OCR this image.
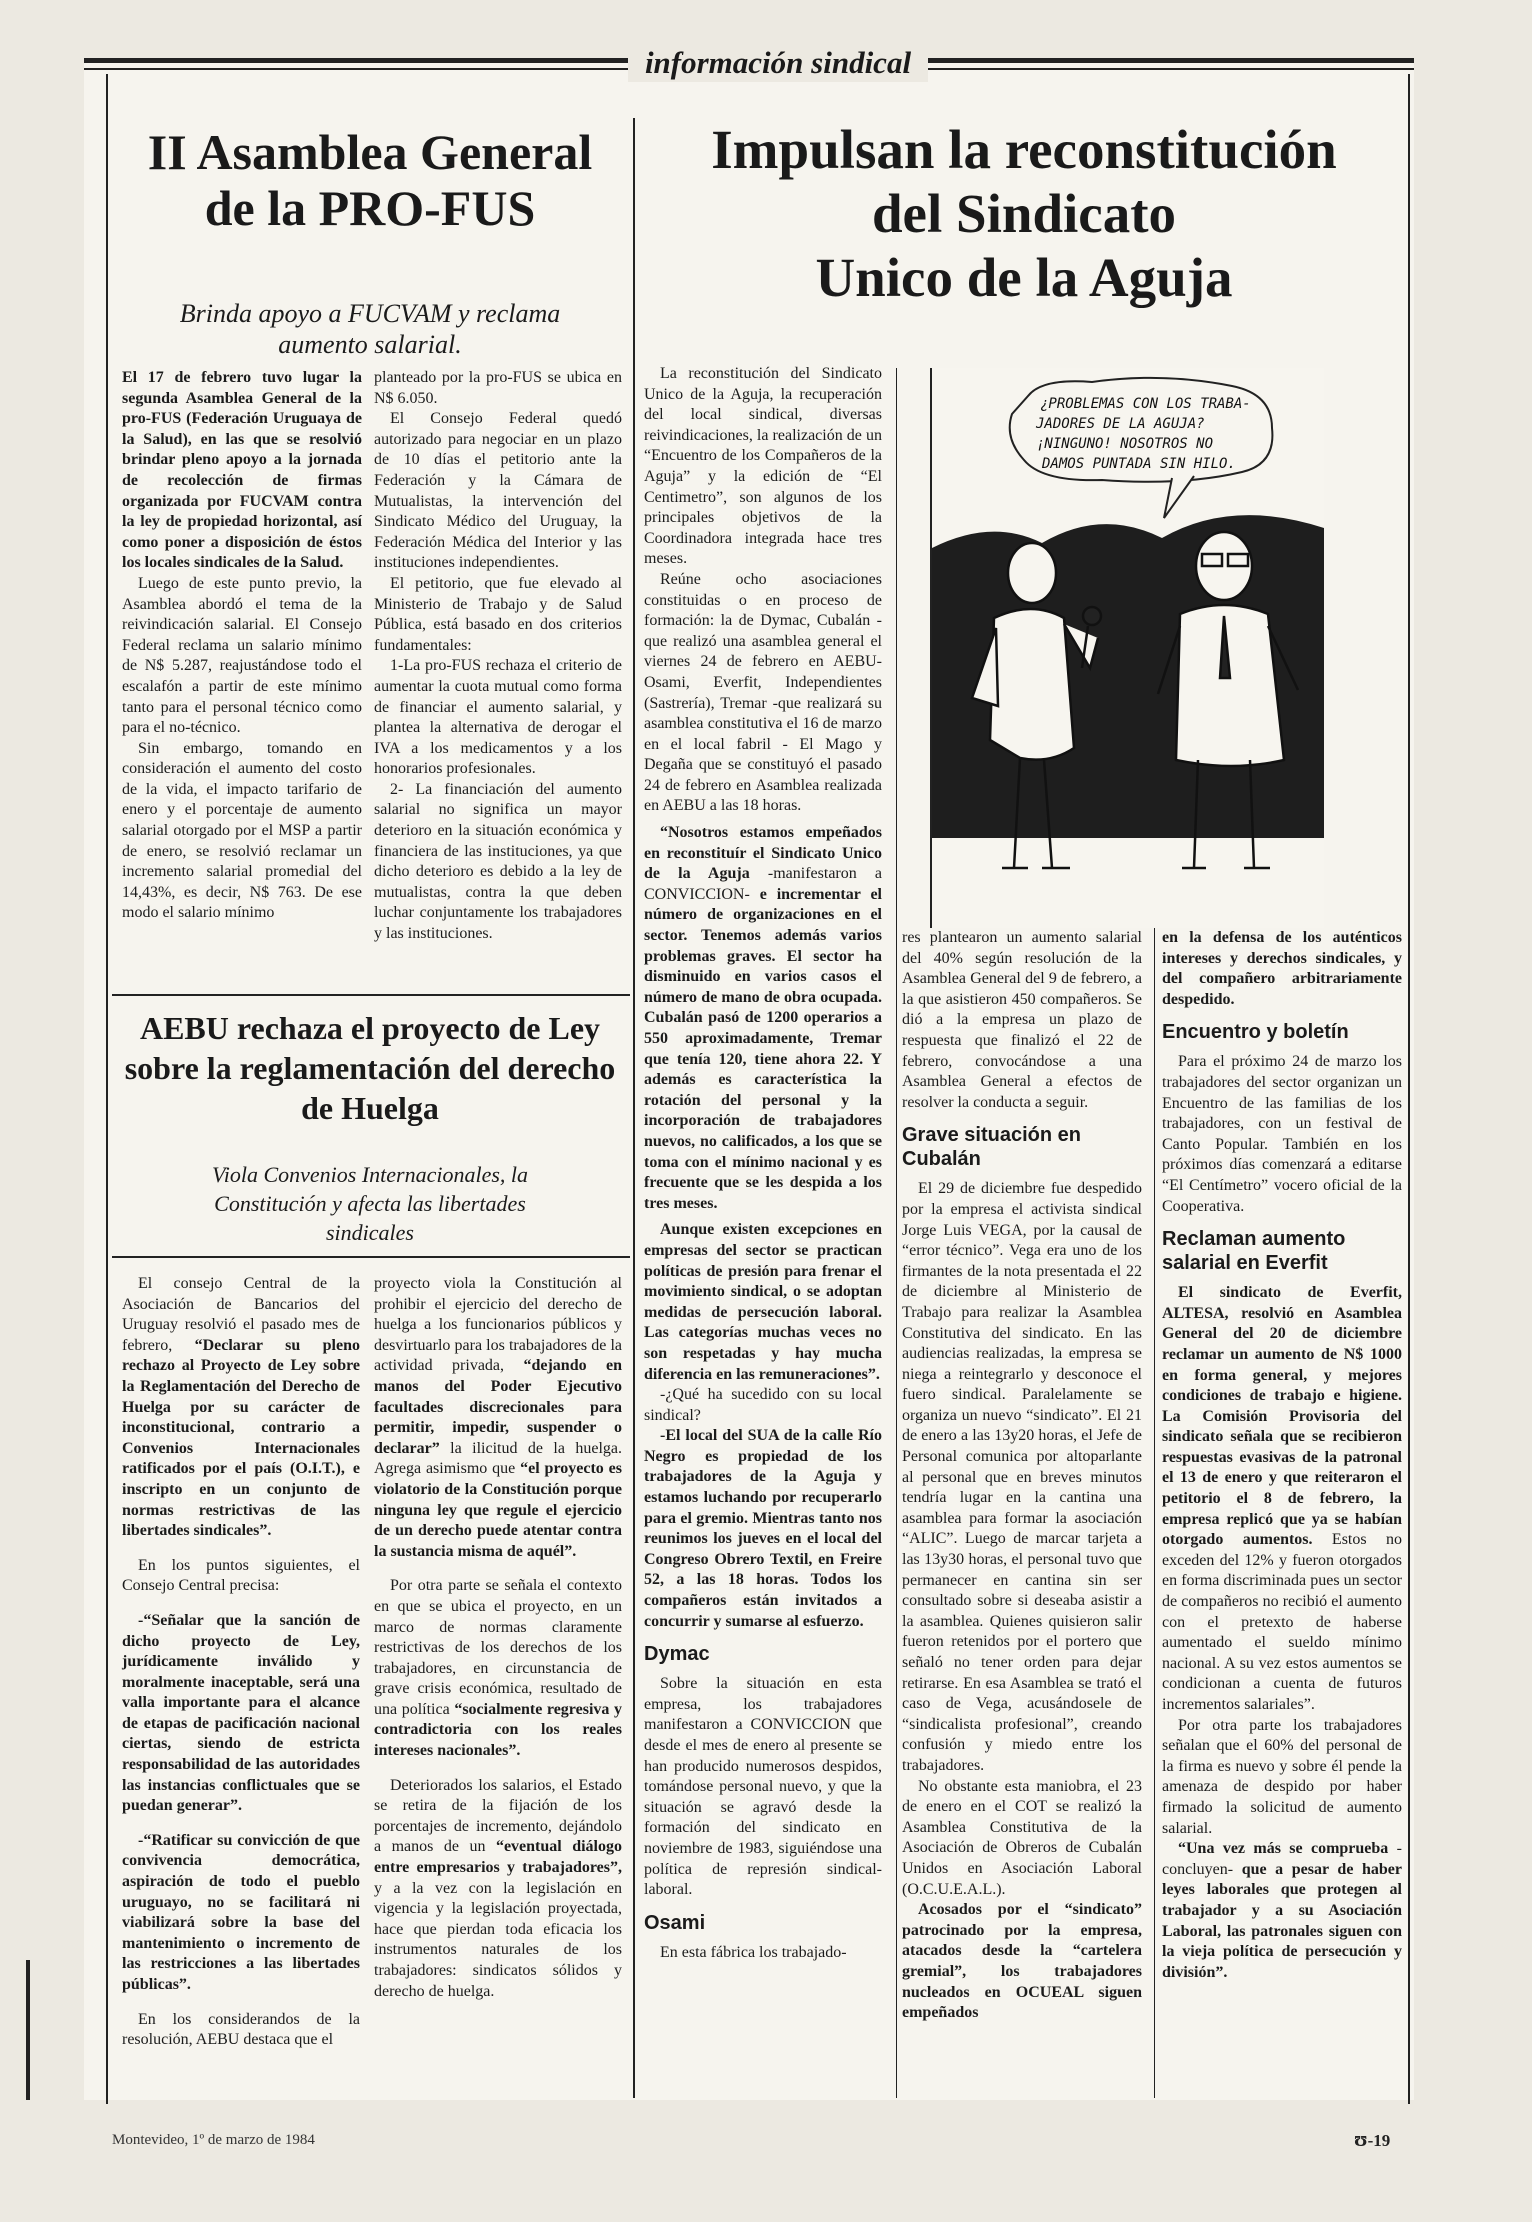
información sindical
II Asamblea General de la PRO-FUS
Brinda apoyo a FUCVAM y reclama aumento salarial.

El 17 de febrero tuvo lugar la segunda Asamblea General de la pro-FUS (Federación Uruguaya de la Salud), en las que se resolvió brindar pleno apoyo a la jornada de recolección de firmas organizada por FUCVAM contra la ley de propiedad horizontal, así como poner a disposición de éstos los locales sindicales de la Salud.

Luego de este punto previo, la Asamblea abordó el tema de la reivindicación salarial. El Consejo Federal reclama un salario mínimo de N$ 5.287, reajustándose todo el escalafón a partir de este mínimo tanto para el personal técnico como para el no-técnico.

Sin embargo, tomando en consideración el aumento del costo de la vida, el impacto tarifario de enero y el porcentaje de aumento salarial otorgado por el MSP a partir de enero, se resolvió reclamar un incremento salarial promedial del 14,43%, es decir, N$ 763. De ese modo el salario mínimo

planteado por la pro-FUS se ubica en N$ 6.050.

El Consejo Federal quedó autorizado para negociar en un plazo de 10 días el petitorio ante la Federación y la Cámara de Mutualistas, la intervención del Sindicato Médico del Uruguay, la Federación Médica del Interior y las instituciones independientes.

El petitorio, que fue elevado al Ministerio de Trabajo y de Salud Pública, está basado en dos criterios fundamentales:

1-La pro-FUS rechaza el criterio de aumentar la cuota mutual como forma de financiar el aumento salarial, y plantea la alternativa de derogar el IVA a los medicamentos y a los honorarios profesionales.

2- La financiación del aumento salarial no significa un mayor deterioro en la situación económica y financiera de las instituciones, ya que dicho deterioro es debido a la ley de mutualistas, contra la que deben luchar conjuntamente los trabajadores y las instituciones.

AEBU rechaza el proyecto de Ley sobre la reglamentación del derecho de Huelga
Viola Convenios Internacionales, la Constitución y afecta las libertades sindicales

El consejo Central de la Asociación de Bancarios del Uruguay resolvió el pasado mes de febrero, “Declarar su pleno rechazo al Proyecto de Ley sobre la Reglamentación del Derecho de Huelga por su carácter de inconstitucional, contrario a Convenios Internacionales ratificados por el país (O.I.T.), e inscripto en un conjunto de normas restrictivas de las libertades sindicales”.

En los puntos siguientes, el Consejo Central precisa:

-“Señalar que la sanción de dicho proyecto de Ley, jurídicamente inválido y moralmente inaceptable, será una valla importante para el alcance de etapas de pacificación nacional ciertas, siendo de estricta responsabilidad de las autoridades las instancias conflictuales que se puedan generar”.

-“Ratificar su convicción de que convivencia democrática, aspiración de todo el pueblo uruguayo, no se facilitará ni viabilizará sobre la base del mantenimiento o incremento de las restricciones a las libertades públicas”.

En los considerandos de la resolución, AEBU destaca que el

proyecto viola la Constitución al prohibir el ejercicio del derecho de huelga a los funcionarios públicos y desvirtuarlo para los trabajadores de la actividad privada, “dejando en manos del Poder Ejecutivo facultades discrecionales para permitir, impedir, suspender o declarar” la ilicitud de la huelga. Agrega asimismo que “el proyecto es violatorio de la Constitución porque ninguna ley que regule el ejercicio de un derecho puede atentar contra la sustancia misma de aquél”.

Por otra parte se señala el contexto en que se ubica el proyecto, en un marco de normas claramente restrictivas de los derechos de los trabajadores, en circunstancia de grave crisis económica, resultado de una política “socialmente regresiva y contradictoria con los reales intereses nacionales”.

Deteriorados los salarios, el Estado se retira de la fijación de los porcentajes de incremento, dejándolo a manos de un “eventual diálogo entre empresarios y trabajadores”, y a la vez con la legislación en vigencia y la legislación proyectada, hace que pierdan toda eficacia los instrumentos naturales de los trabajadores: sindicatos sólidos y derecho de huelga.

Impulsan la reconstitución
del Sindicato
Unico de la Aguja

La reconstitución del Sindicato Unico de la Aguja, la recuperación del local sindical, diversas reivindicaciones, la realización de un “Encuentro de los Compañeros de la Aguja” y la edición de “El Centimetro”, son algunos de los principales objetivos de la Coordinadora integrada hace tres meses.

Reúne ocho asociaciones constituidas o en proceso de formación: la de Dymac, Cubalán -que realizó una asamblea general el viernes 24 de febrero en AEBU- Osami, Everfit, Independientes (Sastrería), Tremar -que realizará su asamblea constitutiva el 16 de marzo en el local fabril - El Mago y Degaña que se constituyó el pasado 24 de febrero en Asamblea realizada en AEBU a las 18 horas.

“Nosotros estamos empeñados en reconstituír el Sindicato Unico de la Aguja -manifestaron a CONVICCION- e incrementar el número de organizaciones en el sector. Tenemos además varios problemas graves. El sector ha disminuido en varios casos el número de mano de obra ocupada. Cubalán pasó de 1200 operarios a 550 aproximadamente, Tremar que tenía 120, tiene ahora 22. Y además es característica la rotación del personal y la incorporación de trabajadores nuevos, no calificados, a los que se toma con el mínimo nacional y es frecuente que se les despida a los tres meses.

Aunque existen excepciones en empresas del sector se practican políticas de presión para frenar el movimiento sindical, o se adoptan medidas de persecución laboral. Las categorías muchas veces no son respetadas y hay mucha diferencia en las remuneraciones”.

-¿Qué ha sucedido con su local sindical?

-El local del SUA de la calle Río Negro es propiedad de los trabajadores de la Aguja y estamos luchando por recuperarlo para el gremio. Mientras tanto nos reunimos los jueves en el local del Congreso Obrero Textil, en Freire 52, a las 18 horas. Todos los compañeros están invitados a concurrir y sumarse al esfuerzo.

Dymac

Sobre la situación en esta empresa, los trabajadores manifestaron a CONVICCION que desde el mes de enero al presente se han producido numerosos despidos, tomándose personal nuevo, y que la situación se agravó desde la formación del sindicato en noviembre de 1983, siguiéndose una política de represión sindical-laboral.

Osami

En esta fábrica los trabajado-

res plantearon un aumento salarial del 40% según resolución de la Asamblea General del 9 de febrero, a la que asistieron 450 compañeros. Se dió a la empresa un plazo de respuesta que finalizó el 22 de febrero, convocándose a una Asamblea General a efectos de resolver la conducta a seguir.

Grave situación en Cubalán

El 29 de diciembre fue despedido por la empresa el activista sindical Jorge Luis VEGA, por la causal de “error técnico”. Vega era uno de los firmantes de la nota presentada el 22 de diciembre al Ministerio de Trabajo para realizar la Asamblea Constitutiva del sindicato. En las audiencias realizadas, la empresa se niega a reintegrarlo y desconoce el fuero sindical. Paralelamente se organiza un nuevo “sindicato”. El 21 de enero a las 13y20 horas, el Jefe de Personal comunica por altoparlante al personal que en breves minutos tendría lugar en la cantina una asamblea para formar la asociación “ALIC”. Luego de marcar tarjeta a las 13y30 horas, el personal tuvo que permanecer en cantina sin ser consultado sobre si deseaba asistir a la asamblea. Quienes quisieron salir fueron retenidos por el portero que señaló no tener orden para dejar retirarse. En esa Asamblea se trató el caso de Vega, acusándosele de “sindicalista profesional”, creando confusión y miedo entre los trabajadores.

No obstante esta maniobra, el 23 de enero en el COT se realizó la Asamblea Constitutiva de la Asociación de Obreros de Cubalán Unidos en Asociación Laboral (O.C.U.E.A.L.).

Acosados por el “sindicato” patrocinado por la empresa, atacados desde la “cartelera gremial”, los trabajadores nucleados en OCUEAL siguen empeñados

en la defensa de los auténticos intereses y derechos sindicales, y del compañero arbitrariamente despedido.

Encuentro y boletín

Para el próximo 24 de marzo los trabajadores del sector organizan un Encuentro de las familias de los trabajadores, con un festival de Canto Popular. También en los próximos días comenzará a editarse “El Centímetro” vocero oficial de la Cooperativa.

Reclaman aumento salarial en Everfit

El sindicato de Everfit, ALTESA, resolvió en Asamblea General del 20 de diciembre reclamar un aumento de N$ 1000 en forma general, y mejores condiciones de trabajo e higiene. La Comisión Provisoria del sindicato señala que se recibieron respuestas evasivas de la patronal el 13 de enero y que reiteraron el petitorio el 8 de febrero, la empresa replicó que ya se habían otorgado aumentos. Estos no exceden del 12% y fueron otorgados en forma discriminada pues un sector de compañeros no recibió el aumento con el pretexto de haberse aumentado el sueldo mínimo nacional. A su vez estos aumentos se condicionan a cuenta de futuros incrementos salariales”.

Por otra parte los trabajadores señalan que el 60% del personal de la firma es nuevo y sobre él pende la amenaza de despido por haber firmado la solicitud de aumento salarial.

“Una vez más se comprueba -concluyen- que a pesar de haber leyes laborales que protegen al trabajador y a su Asociación Laboral, las patronales siguen con la vieja política de persecución y división”.

¿PROBLEMAS CON LOS TRABA-
JADORES DE LA AGUJA?
¡NINGUNO! NOSOTROS NO
DAMOS PUNTADA SIN HILO.
Montevideo, 1º de marzo de 1984	ʊ-19
